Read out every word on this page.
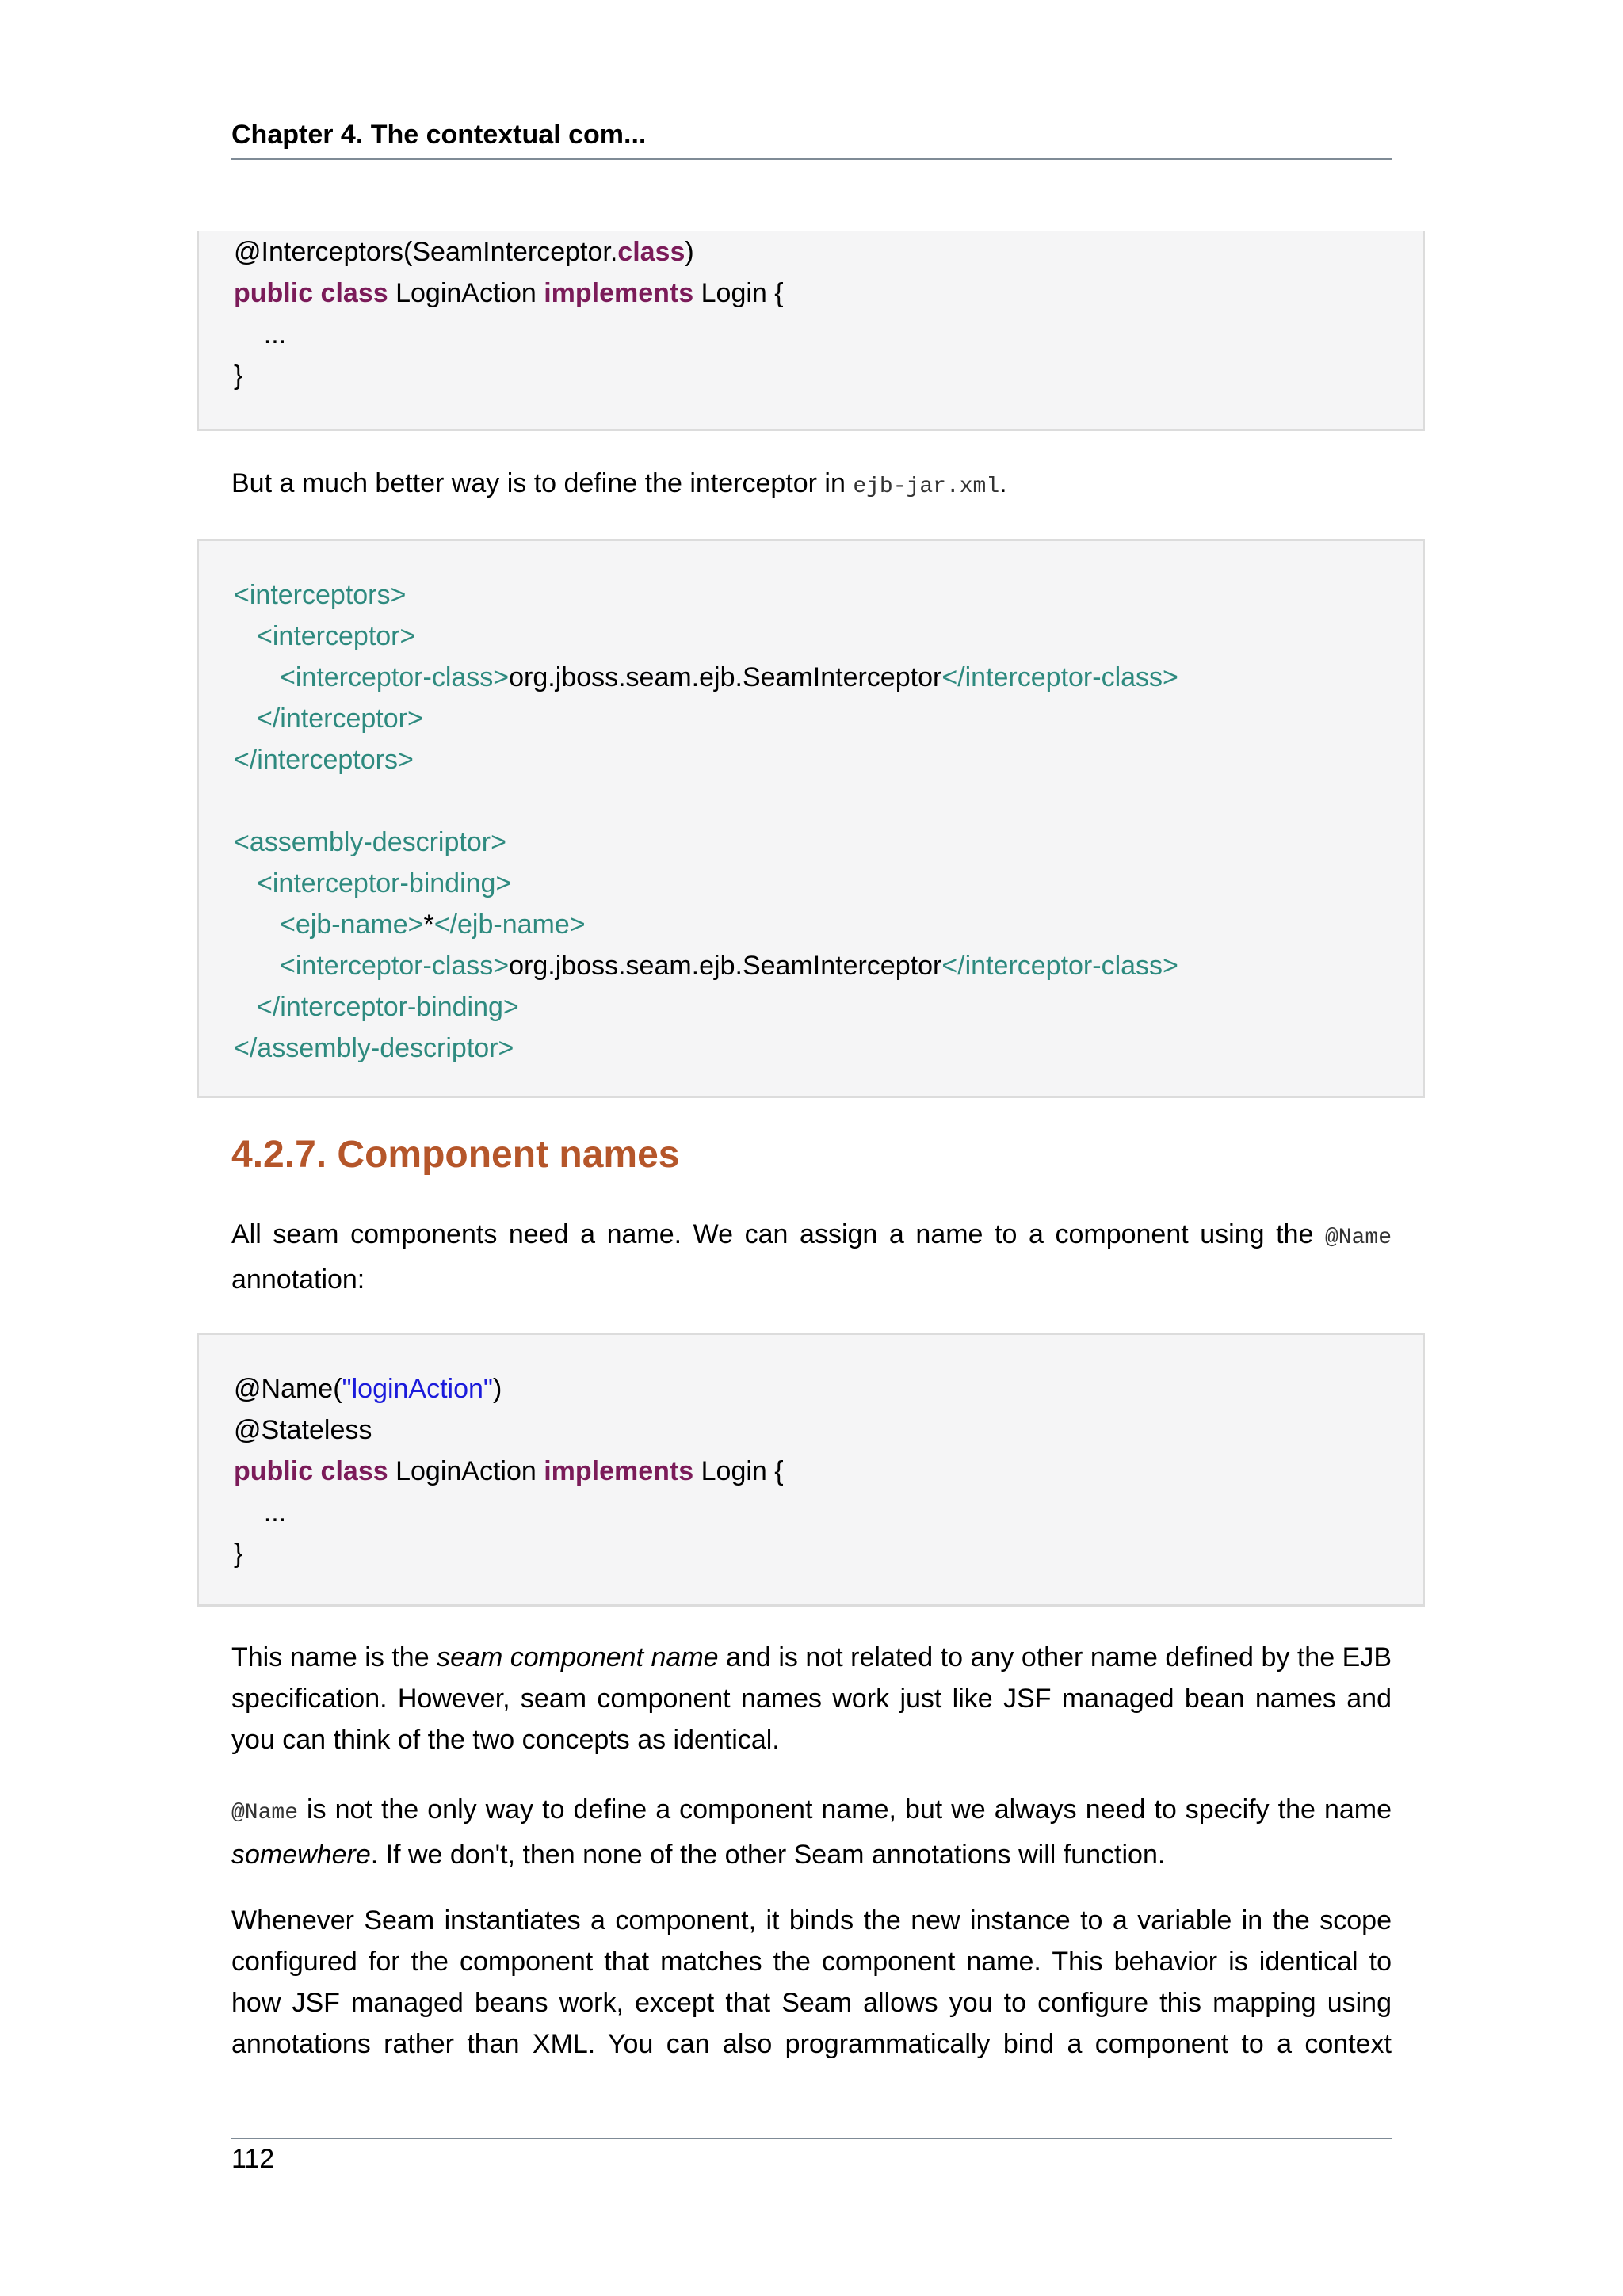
Chapter 4. The contextual com...
@Interceptors(SeamInterceptor.class)
public class LoginAction implements Login {
...
}
But a much better way is to define the interceptor in ejb-jar.xml.
<interceptors>
<interceptor>
<interceptor-class>org.jboss.seam.ejb.SeamInterceptor</interceptor-class>
</interceptor>
</interceptors>
<assembly-descriptor>
<interceptor-binding>
<ejb-name>*</ejb-name>
<interceptor-class>org.jboss.seam.ejb.SeamInterceptor</interceptor-class>
</interceptor-binding>
</assembly-descriptor>
4.2.7. Component names
All seam components need a name. We can assign a name to a component using the @Name
annotation:
@Name("loginAction")
@Stateless
public class LoginAction implements Login {
...
}
This name is the seam component name and is not related to any other name defined by the EJB specification. However, seam component names work just like JSF managed bean names and you can think of the two concepts as identical.
@Name is not the only way to define a component name, but we always need to specify the name somewhere. If we don't, then none of the other Seam annotations will function.
Whenever Seam instantiates a component, it binds the new instance to a variable in the scope configured for the component that matches the component name. This behavior is identical to how JSF managed beans work, except that Seam allows you to configure this mapping using annotations rather than XML. You can also programmatically bind a component to a context
112
